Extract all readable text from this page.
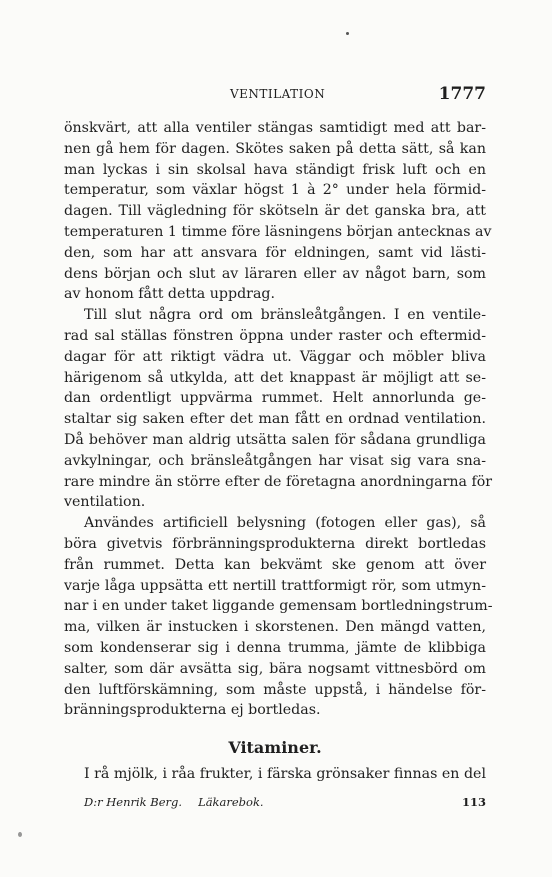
VENTILATION	1777
önskvärt, att alla ventiler stängas samtidigt med att bar-
nen gå hem för dagen. Skötes saken på detta sätt, så kan
man lyckas i sin skolsal hava ständigt frisk luft och en
temperatur, som växlar högst 1 à 2° under hela förmid-
dagen. Till vägledning för skötseln är det ganska bra, att
temperaturen 1 timme före läsningens början antecknas av
den, som har att ansvara för eldningen, samt vid lästi-
dens början och slut av läraren eller av något barn, som
av honom fått detta uppdrag.
Till slut några ord om bränsleåtgången. I en ventile-
rad sal ställas fönstren öppna under raster och eftermid-
dagar för att riktigt vädra ut. Väggar och möbler bliva
härigenom så utkylda, att det knappast är möjligt att se-
dan ordentligt uppvärma rummet. Helt annorlunda ge-
staltar sig saken efter det man fått en ordnad ventilation.
Då behöver man aldrig utsätta salen för sådana grundliga
avkylningar, och bränsleåtgången har visat sig vara sna-
rare mindre än större efter de företagna anordningarna för
ventilation.
Användes artificiell belysning (fotogen eller gas), så
böra givetvis förbränningsprodukterna direkt bortledas
från rummet. Detta kan bekvämt ske genom att över
varje låga uppsätta ett nertill trattformigt rör, som utmyn-
nar i en under taket liggande gemensam bortledningstrum-
ma, vilken är instucken i skorstenen. Den mängd vatten,
som kondenserar sig i denna trumma, jämte de klibbiga
salter, som där avsätta sig, bära nogsamt vittnesbörd om
den luftförskämning, som måste uppstå, i händelse för-
bränningsprodukterna ej bortledas.
Vitaminer.
I rå mjölk, i råa frukter, i färska grönsaker finnas en del
D:r Henrik Berg. Läkarebok.	113
